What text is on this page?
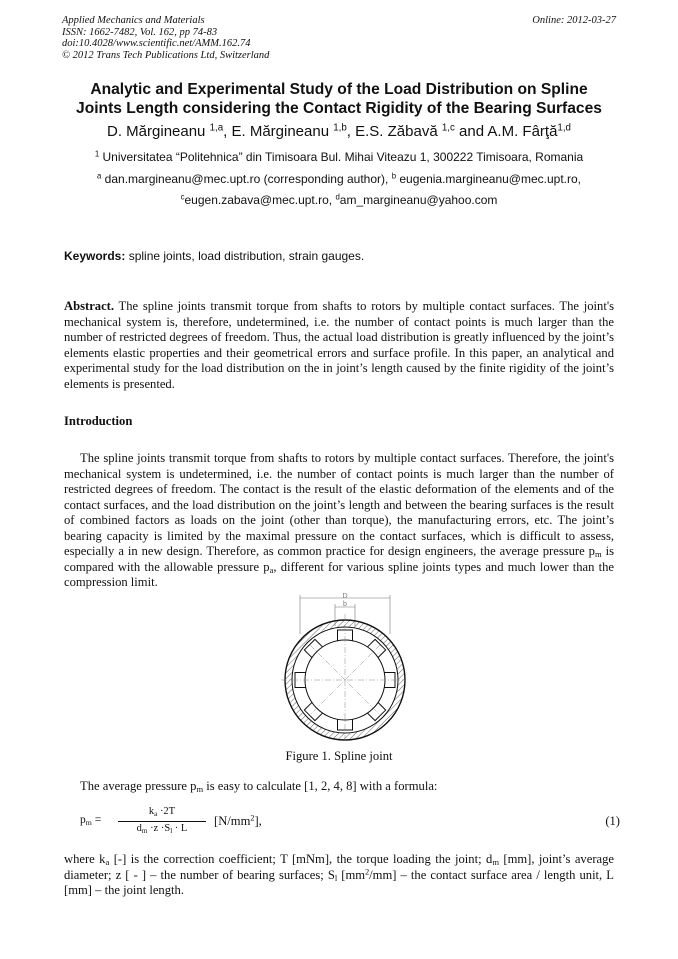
Applied Mechanics and Materials
ISSN: 1662-7482, Vol. 162, pp 74-83
doi:10.4028/www.scientific.net/AMM.162.74
© 2012 Trans Tech Publications Ltd, Switzerland
Online: 2012-03-27
Analytic and Experimental Study of the Load Distribution on Spline
Joints Length considering the Contact Rigidity of the Bearing Surfaces
D. Mărgineanu $^{1,a}$, E. Mărgineanu $^{1,b}$, E.S. Zăbavă $^{1,c}$ and A.M. Fârţă$^{1,d}$
$^1$ Universitatea “Politehnica” din Timisoara Bul. Mihai Viteazu 1, 300222 Timisoara, Romania
$^a$ dan.margineanu@mec.upt.ro (corresponding author), $^b$ eugenia.margineanu@mec.upt.ro,
$^c$eugen.zabava@mec.upt.ro, $^d$am_margineanu@yahoo.com
Keywords: spline joints, load distribution, strain gauges.
Abstract. The spline joints transmit torque from shafts to rotors by multiple contact surfaces. The joint's mechanical system is, therefore, undetermined, i.e. the number of contact points is much larger than the number of restricted degrees of freedom. Thus, the actual load distribution is greatly influenced by the joint’s elements elastic properties and their geometrical errors and surface profile. In this paper, an analytical and experimental study for the load distribution on the in joint’s length caused by the finite rigidity of the joint’s elements is presented.
Introduction
The spline joints transmit torque from shafts to rotors by multiple contact surfaces. Therefore, the joint's mechanical system is undetermined, i.e. the number of contact points is much larger than the number of restricted degrees of freedom. The contact is the result of the elastic deformation of the elements and of the contact surfaces, and the load distribution on the joint’s length and between the bearing surfaces is the result of combined factors as loads on the joint (other than torque), the manufacturing errors, etc. The joint’s bearing capacity is limited by the maximal pressure on the contact surfaces, which is difficult to assess, especially a in new design. Therefore, as common practice for design engineers, the average pressure $p_m$ is compared with the allowable pressure $p_a$, different for various spline joints types and much lower than the compression limit.
D
b
Figure 1. Spline joint
The average pressure $p_m$ is easy to calculate [1, 2, 4, 8] with a formula:
$p_m$ =
$k_a \cdot 2T$
$d_m \cdot z \cdot S_l \cdot L$
$[N/mm^2]$,	(1)
where $k_a$ [-] is the correction coefficient; T [mNm], the torque loading the joint; $d_m$ [mm], joint’s average diameter; z [ - ] – the number of bearing surfaces; $S_l$ $[mm^2/mm]$ – the contact surface area / length unit, L [mm] – the joint length.
